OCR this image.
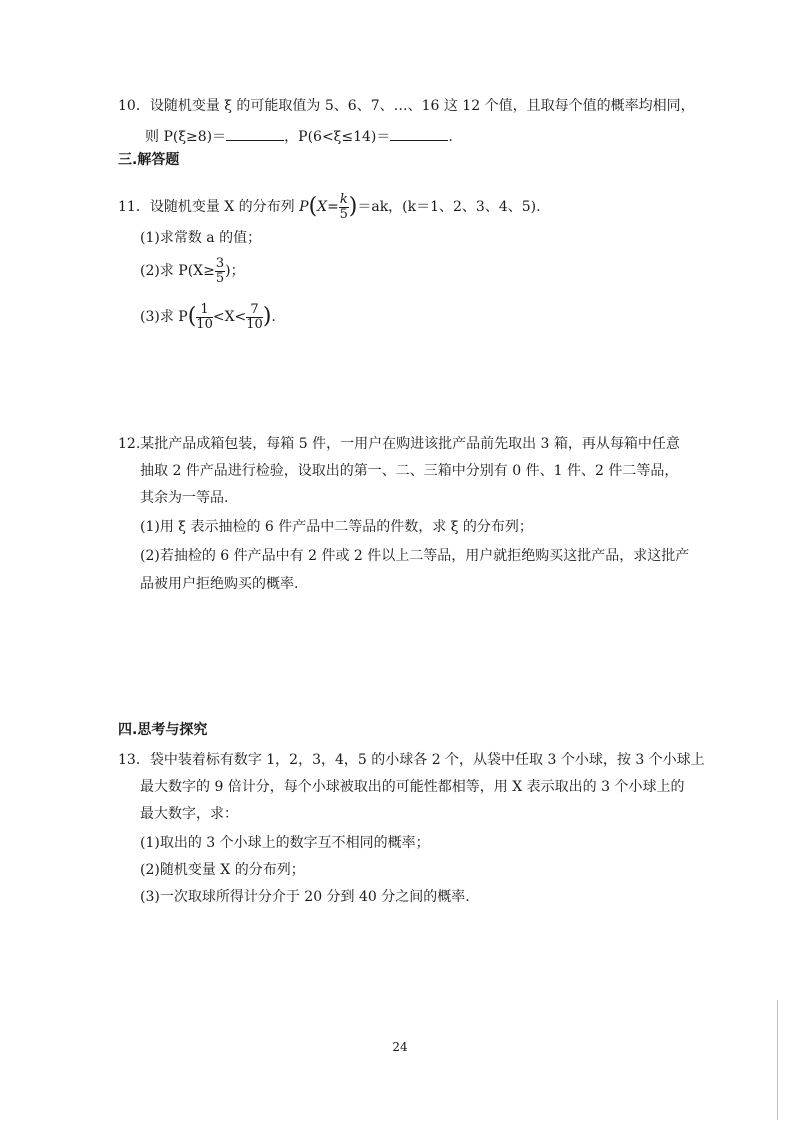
10．设随机变量 ξ 的可能取值为 5、6、7、…、16 这 12 个值，且取每个值的概率均相同，
则 P(ξ≥8)＝	，P(6<ξ≤14)＝	.
三.解答题
11．设随机变量 X 的分布列 $P(X= \frac{k}{5} )=ak$，(k＝1、2、3、4、5).
(1)求常数 a 的值；
(2)求 $P(X\ge \frac{3}{5}$ )；
(3)求 $P( \frac{1}{10} <X< \frac{7}{10}$ ).
12.某批产品成箱包装，每箱 5 件，一用户在购进该批产品前先取出 3 箱，再从每箱中任意
抽取 2 件产品进行检验，设取出的第一、二、三箱中分别有 0 件、1 件、2 件二等品，
其余为一等品.
(1)用 ξ 表示抽检的 6 件产品中二等品的件数，求 ξ 的分布列；
(2)若抽检的 6 件产品中有 2 件或 2 件以上二等品，用户就拒绝购买这批产品，求这批产
品被用户拒绝购买的概率.
四.思考与探究
13．袋中装着标有数字 1，2，3，4，5 的小球各 2 个，从袋中任取 3 个小球，按 3 个小球上
最大数字的 9 倍计分，每个小球被取出的可能性都相等，用 X 表示取出的 3 个小球上的
最大数字，求：
(1)取出的 3 个小球上的数字互不相同的概率；
(2)随机变量 X 的分布列；
(3)一次取球所得计分介于 20 分到 40 分之间的概率.
24
